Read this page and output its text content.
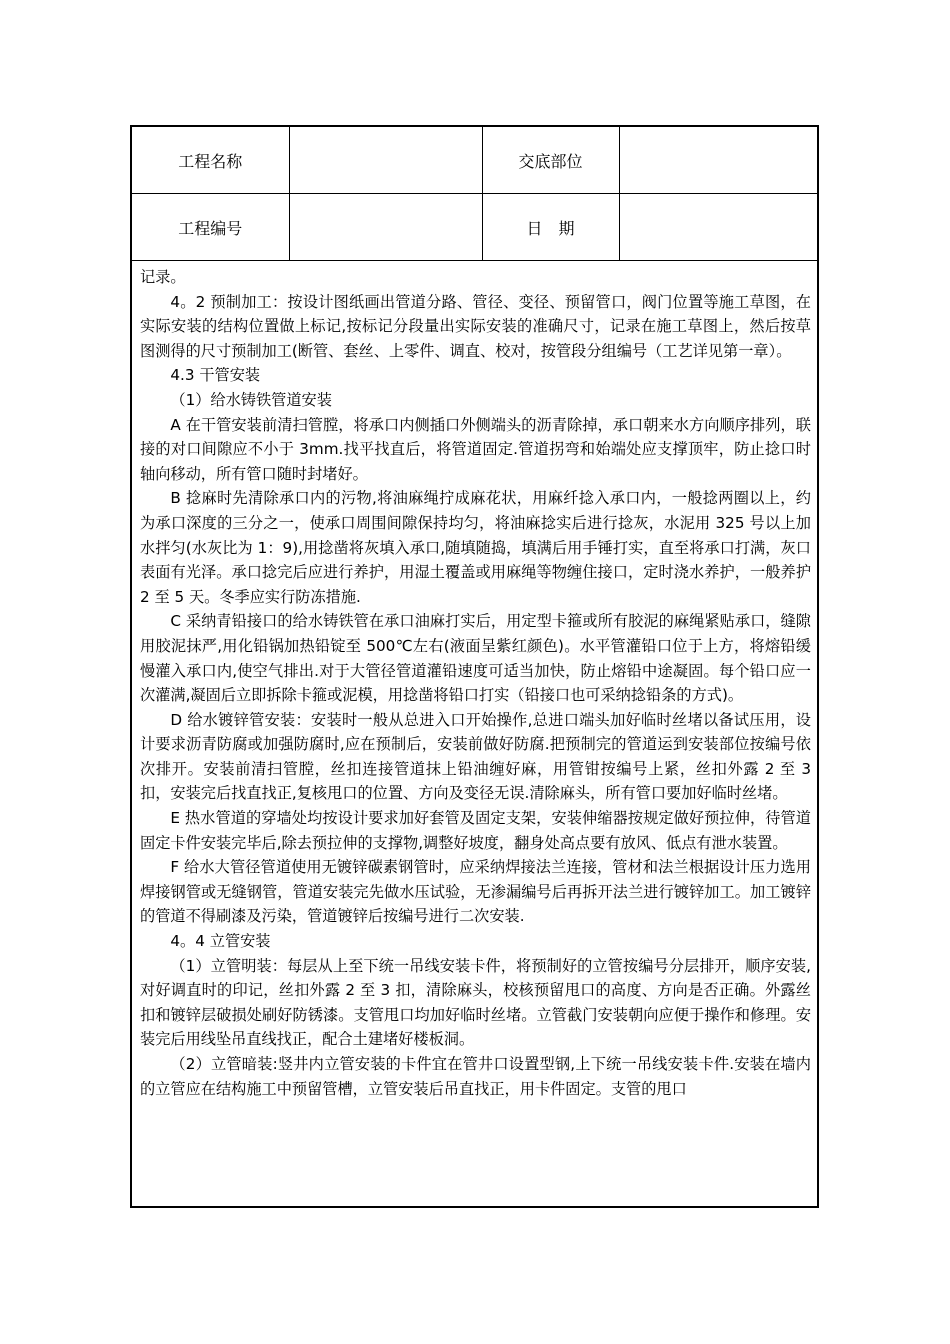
工程名称		交底部位	
工程编号		日　期	

记录。

4。2 预制加工：按设计图纸画出管道分路、管径、变径、预留管口，阀门位置等施工草图，在实际安装的结构位置做上标记,按标记分段量出实际安装的准确尺寸，记录在施工草图上，然后按草图测得的尺寸预制加工(断管、套丝、上零件、调直、校对，按管段分组编号（工艺详见第一章）。

4.3 干管安装

（1）给水铸铁管道安装

A 在干管安装前清扫管膛，将承口内侧插口外侧端头的沥青除掉，承口朝来水方向顺序排列，联接的对口间隙应不小于 3mm.找平找直后，将管道固定.管道拐弯和始端处应支撑顶牢，防止捻口时轴向移动，所有管口随时封堵好。

B 捻麻时先清除承口内的污物,将油麻绳拧成麻花状，用麻纤捻入承口内，一般捻两圈以上，约为承口深度的三分之一，使承口周围间隙保持均匀，将油麻捻实后进行捻灰，水泥用 325 号以上加水拌匀(水灰比为 1：9),用捻凿将灰填入承口,随填随捣，填满后用手锤打实，直至将承口打满，灰口表面有光泽。承口捻完后应进行养护，用湿土覆盖或用麻绳等物缠住接口，定时浇水养护，一般养护 2 至 5 天。冬季应实行防冻措施.

C 采纳青铅接口的给水铸铁管在承口油麻打实后，用定型卡箍或所有胶泥的麻绳紧贴承口，缝隙用胶泥抹严,用化铅锅加热铅锭至 500℃左右(液面呈紫红颜色)。水平管灌铅口位于上方，将熔铅缓慢灌入承口内,使空气排出.对于大管径管道灌铅速度可适当加快，防止熔铅中途凝固。每个铅口应一次灌满,凝固后立即拆除卡箍或泥模，用捻凿将铅口打实（铅接口也可采纳捻铅条的方式)。

D 给水镀锌管安装：安装时一般从总进入口开始操作,总进口端头加好临时丝堵以备试压用，设计要求沥青防腐或加强防腐时,应在预制后，安装前做好防腐.把预制完的管道运到安装部位按编号依次排开。安装前清扫管膛，丝扣连接管道抹上铅油缠好麻，用管钳按编号上紧，丝扣外露 2 至 3 扣，安装完后找直找正,复核甩口的位置、方向及变径无误.清除麻头，所有管口要加好临时丝堵。

E 热水管道的穿墙处均按设计要求加好套管及固定支架，安装伸缩器按规定做好预拉伸，待管道固定卡件安装完毕后,除去预拉伸的支撑物,调整好坡度，翻身处高点要有放风、低点有泄水装置。

F 给水大管径管道使用无镀锌碳素钢管时，应采纳焊接法兰连接，管材和法兰根据设计压力选用焊接钢管或无缝钢管，管道安装完先做水压试验，无渗漏编号后再拆开法兰进行镀锌加工。加工镀锌的管道不得刷漆及污染，管道镀锌后按编号进行二次安装.

4。4 立管安装

（1）立管明装：每层从上至下统一吊线安装卡件，将预制好的立管按编号分层排开，顺序安装,对好调直时的印记，丝扣外露 2 至 3 扣，清除麻头，校核预留甩口的高度、方向是否正确。外露丝扣和镀锌层破损处刷好防锈漆。支管甩口均加好临时丝堵。立管截门安装朝向应便于操作和修理。安装完后用线坠吊直线找正，配合土建堵好楼板洞。

（2）立管暗装:竖井内立管安装的卡件宜在管井口设置型钢,上下统一吊线安装卡件.安装在墙内的立管应在结构施工中预留管槽，立管安装后吊直找正，用卡件固定。支管的甩口
